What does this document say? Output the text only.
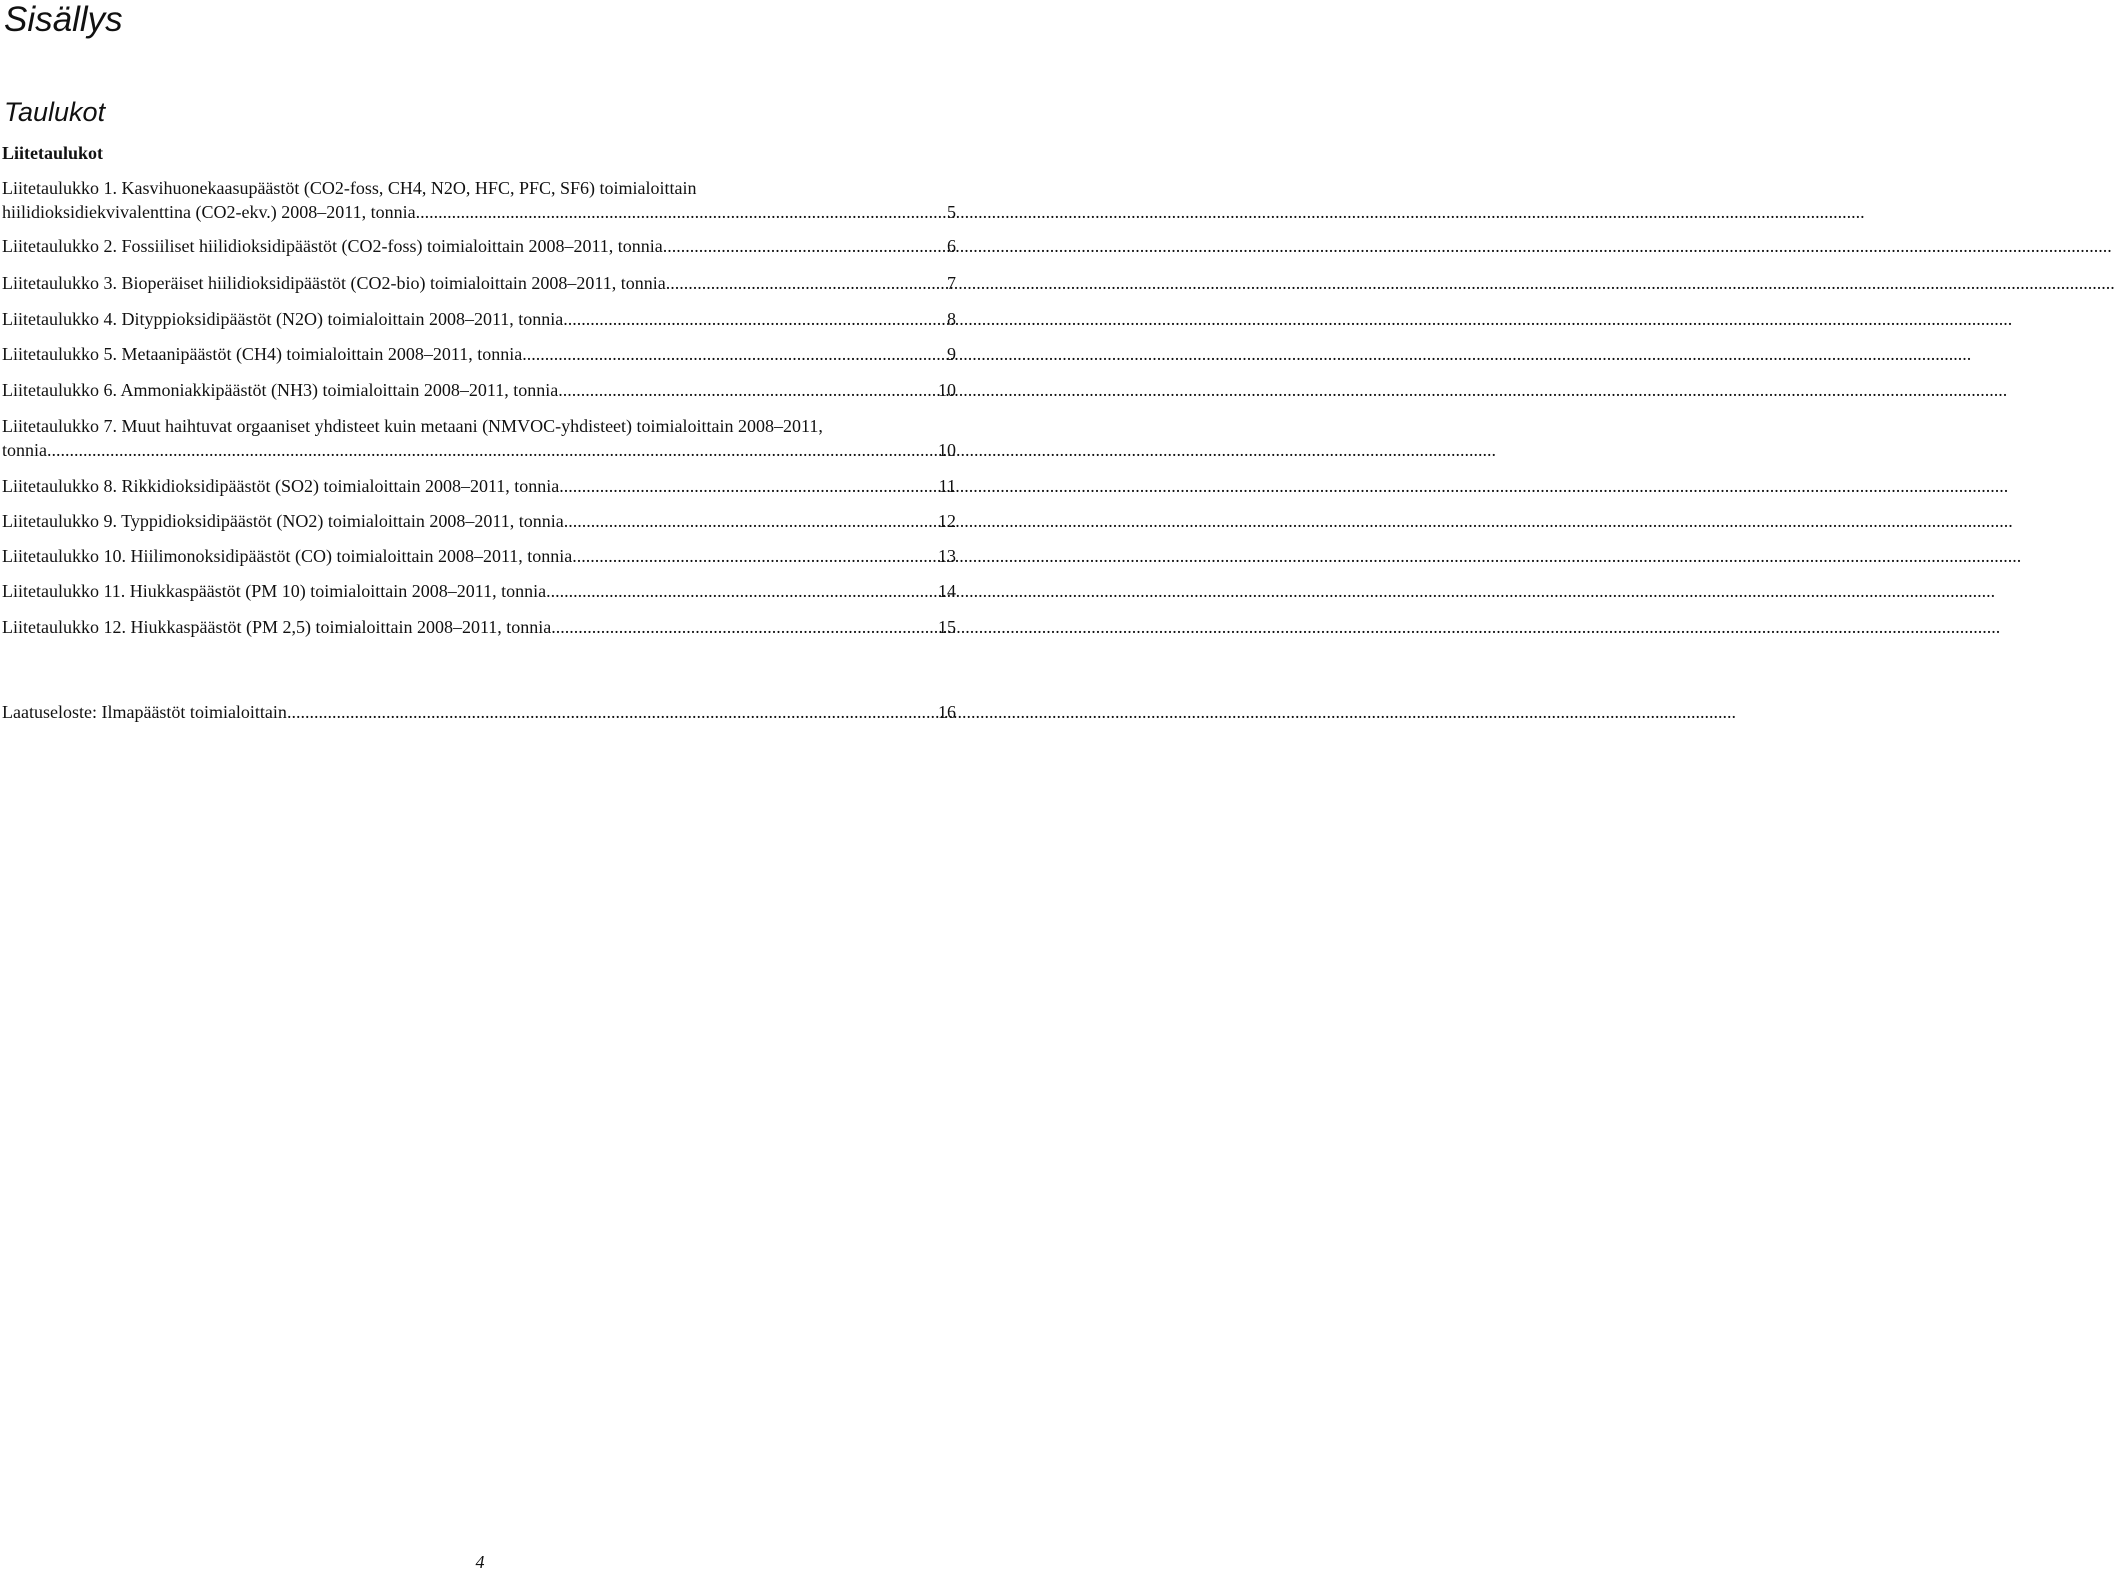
Sisällys
Taulukot
Liitetaulukot
Liitetaulukko 1. Kasvihuonekaasupäästöt (CO2-foss, CH4, N2O, HFC, PFC, SF6) toimialoittain
hiilidioksidiekvivalenttina (CO2-ekv.) 2008–2011, tonnia .....	5
Liitetaulukko 2. Fossiiliset hiilidioksidipäästöt (CO2-foss) toimialoittain 2008–2011, tonnia .....	6
Liitetaulukko 3. Bioperäiset hiilidioksidipäästöt (CO2-bio) toimialoittain 2008–2011, tonnia .....	7
Liitetaulukko 4. Dityppioksidipäästöt (N2O) toimialoittain 2008–2011, tonnia .....	8
Liitetaulukko 5. Metaanipäästöt (CH4) toimialoittain 2008–2011, tonnia .....	9
Liitetaulukko 6. Ammoniakkipäästöt (NH3) toimialoittain 2008–2011, tonnia .....	10
Liitetaulukko 7. Muut haihtuvat orgaaniset yhdisteet kuin metaani (NMVOC-yhdisteet) toimialoittain 2008–2011,
tonnia .....	10
Liitetaulukko 8. Rikkidioksidipäästöt (SO2) toimialoittain 2008–2011, tonnia .....	11
Liitetaulukko 9. Typpidioksidipäästöt (NO2) toimialoittain 2008–2011, tonnia .....	12
Liitetaulukko 10. Hiilimonoksidipäästöt (CO) toimialoittain 2008–2011, tonnia .....	13
Liitetaulukko 11. Hiukkaspäästöt (PM 10) toimialoittain 2008–2011, tonnia .....	14
Liitetaulukko 12. Hiukkaspäästöt (PM 2,5) toimialoittain 2008–2011, tonnia .....	15
Laatuseloste: Ilmapäästöt toimialoittain .....	16
4
